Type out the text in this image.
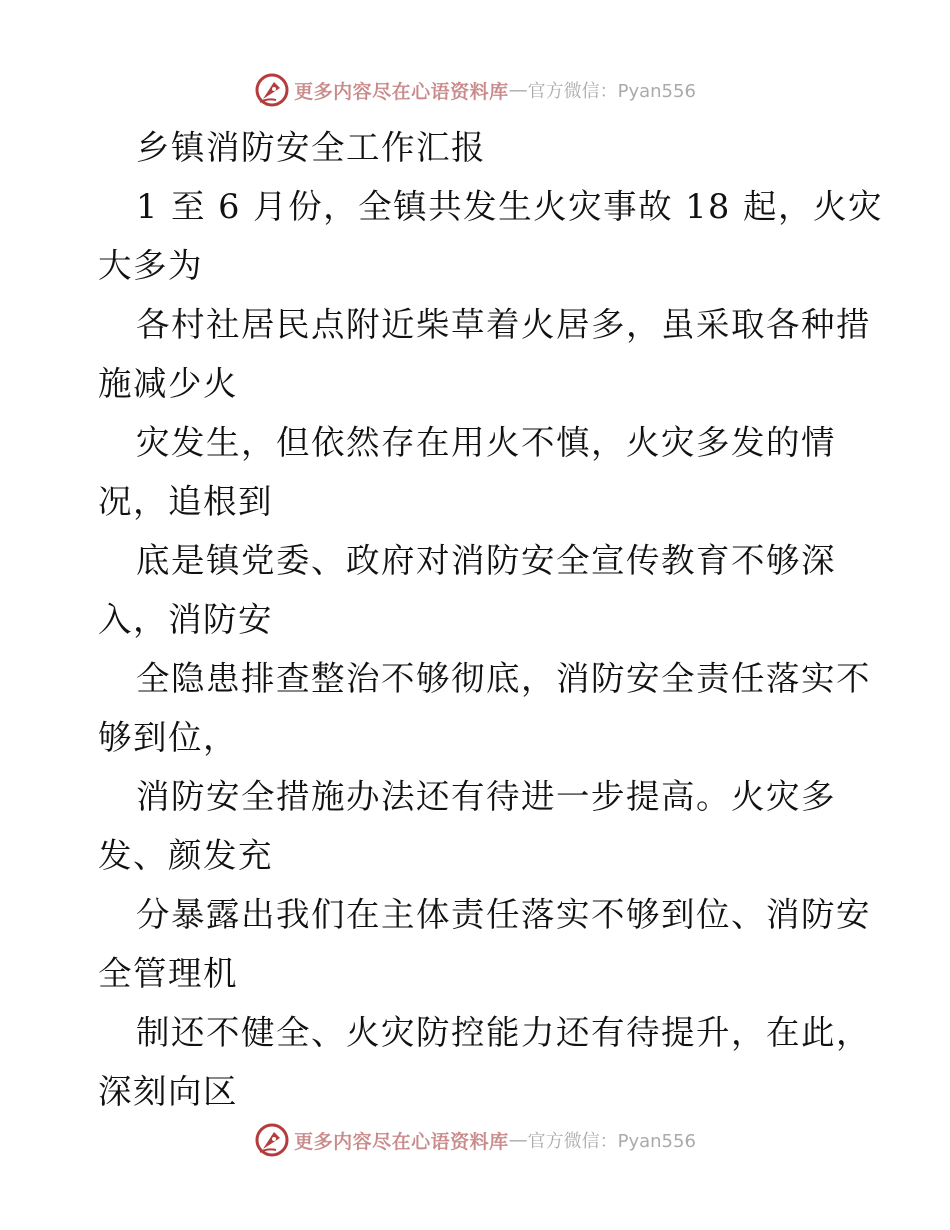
更多内容尽在心语资料库 — 官方微信：Pyan556
乡镇消防安全工作汇报
1 至 6 月份，全镇共发生火灾事故 18 起，火灾
大多为
各村社居民点附近柴草着火居多，虽采取各种措
施减少火
灾发生，但依然存在用火不慎，火灾多发的情
况，追根到
底是镇党委、政府对消防安全宣传教育不够深
入，消防安
全隐患排查整治不够彻底，消防安全责任落实不
够到位，
消防安全措施办法还有待进一步提高。火灾多
发、颜发充
分暴露出我们在主体责任落实不够到位、消防安
全管理机
制还不健全、火灾防控能力还有待提升，在此，
深刻向区
更多内容尽在心语资料库 — 官方微信：Pyan556
